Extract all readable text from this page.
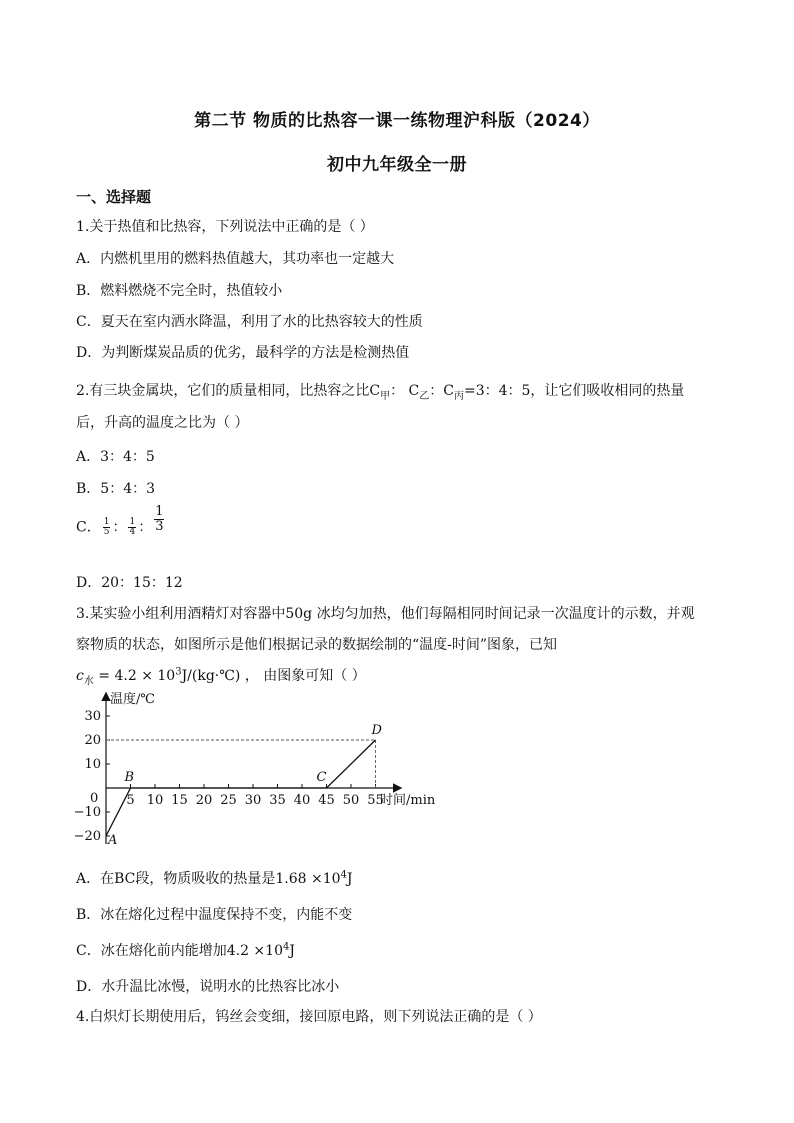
第二节 物质的比热容一课一练物理沪科版（2024）
初中九年级全一册
一、选择题
1.关于热值和比热容，下列说法中正确的是（ ）
A．内燃机里用的燃料热值越大，其功率也一定越大
B．燃料燃烧不完全时，热值较小
C．夏天在室内洒水降温，利用了水的比热容较大的性质
D．为判断煤炭品质的优劣，最科学的方法是检测热值
2.有三块金属块，它们的质量相同，比热容之比$C_甲$： $C_乙$：$C_丙=3$：4：5，让它们吸收相同的热量
后，升高的温度之比为（ ）
A．3：4：5
B．5：4：3
C． $\frac{1}{5}$ ： $\frac{1}{4}$ ： $\frac{1}{3}$
D．20：15：12
3.某实验小组利用酒精灯对容器中50g 冰均匀加热，他们每隔相同时间记录一次温度计的示数，并观
察物质的状态，如图所示是他们根据记录的数据绘制的“温度-时间”图象，已知
$c_水 = 4.2$ × $10^3J/(kg\cdot℃)$ ， 由图象可知（ ）
5 10 15 20 25 30 35 40 45 50 55
30
20
10
−10
−20 A
B	C
D
温度/℃
时间/min
0
A．在BC段，物质吸收的热量是$1.68 \times 10^4J$
B．冰在熔化过程中温度保持不变，内能不变
C．冰在熔化前内能增加$4.2 \times 10^4J$
D．水升温比冰慢，说明水的比热容比冰小
4.白炽灯长期使用后，钨丝会变细，接回原电路，则下列说法正确的是（ ）
